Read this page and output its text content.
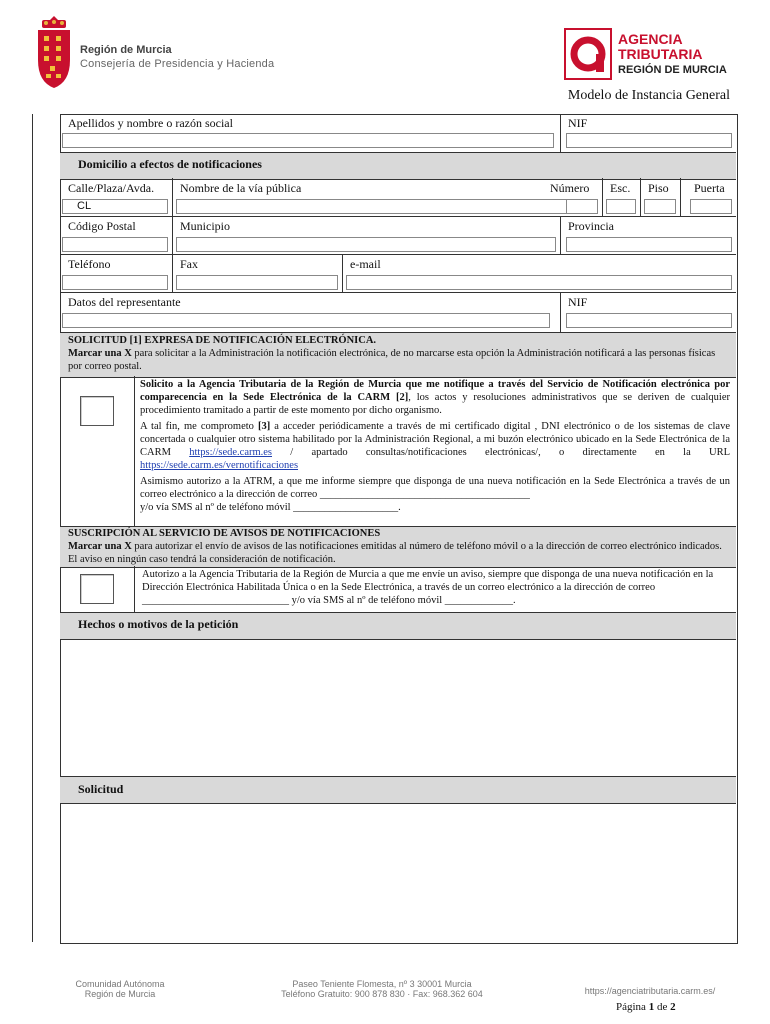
Región de Murcia
Consejería de Presidencia y Hacienda
AGENCIA
TRIBUTARIA
REGIÓN DE MURCIA
Modelo de Instancia General
Apellidos y nombre o razón social	NIF
Domicilio a efectos de notificaciones
Calle/Plaza/Avda. Nombre de la vía pública	Número Esc. Piso Puerta
CL
Código Postal	Municipio	Provincia
Teléfono	Fax	e-mail
Datos del representante	NIF
SOLICITUD [1] EXPRESA DE NOTIFICACIÓN ELECTRÓNICA.
Marcar una X para solicitar a la Administración la notificación electrónica, de no marcarse esta opción la Administración notificará a las personas físicas por correo postal.
Solicito a la Agencia Tributaria de la Región de Murcia que me notifique a través del Servicio de Notificación electrónica por comparecencia en la Sede Electrónica de la CARM [2], los actos y resoluciones administrativos que se deriven de cualquier procedimiento tramitado a partir de este momento por dicho organismo.
A tal fin, me comprometo [3] a acceder periódicamente a través de mi certificado digital , DNI electrónico o de los sistemas de clave concertada o cualquier otro sistema habilitado por la Administración Regional, a mi buzón electrónico ubicado en la Sede Electrónica de la CARM https://sede.carm.es / apartado consultas/notificaciones electrónicas/, o directamente en la URL https://sede.carm.es/vernotificaciones
Asimismo autorizo a la ATRM, a que me informe siempre que disponga de una nueva notificación en la Sede Electrónica a través de un correo electrónico a la dirección de correo ________________________________________
y/o vía SMS al nº de teléfono móvil ____________________.
SUSCRIPCIÓN AL SERVICIO DE AVISOS DE NOTIFICACIONES
Marcar una X para autorizar el envío de avisos de las notificaciones emitidas al número de teléfono móvil o a la dirección de correo electrónico indicados. El aviso en ningún caso tendrá la consideración de notificación.
Autorizo a la Agencia Tributaria de la Región de Murcia a que me envíe un aviso, siempre que disponga de una nueva notificación en la Dirección Electrónica Habilitada Única o en la Sede Electrónica, a través de un correo electrónico a la dirección de correo ____________________________ y/o vía SMS al nº de teléfono móvil _____________.
Hechos o motivos de la petición
Solicitud
Comunidad Autónoma
Región de Murcia
Paseo Teniente Flomesta, nº 3 30001 Murcia
Teléfono Gratuito: 900 878 830 · Fax: 968.362 604	https://agenciatributaria.carm.es/
Página 1 de 2
